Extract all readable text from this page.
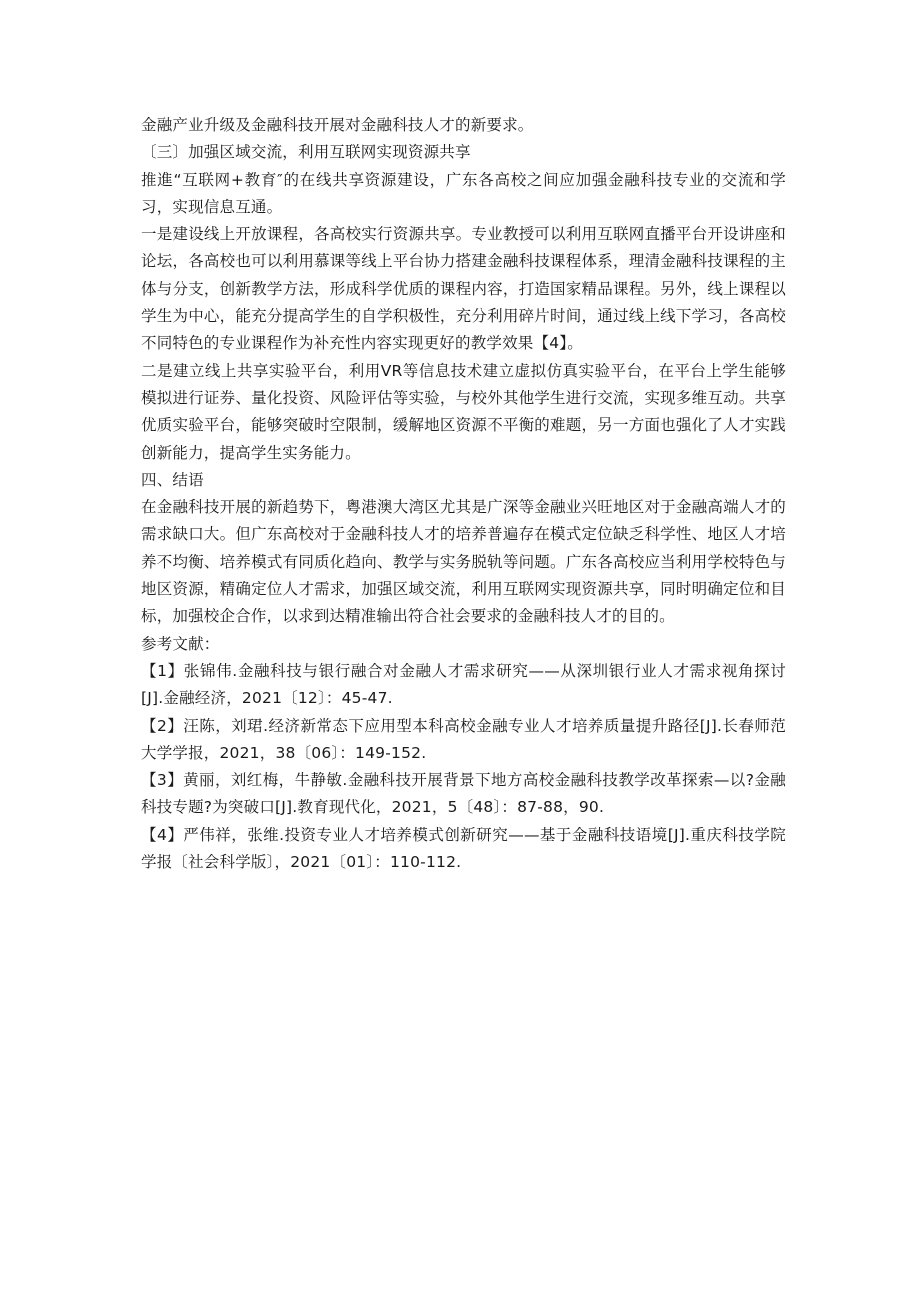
金融产业升级及金融科技开展对金融科技人才的新要求。

〔三〕加强区域交流，利用互联网实现资源共享

推進“互联网+教育″的在线共享资源建设，广东各高校之间应加强金融科技专业的交流和学习，实现信息互通。

一是建设线上开放课程，各高校实行资源共享。专业教授可以利用互联网直播平台开设讲座和论坛，各高校也可以利用慕课等线上平台协力搭建金融科技课程体系，理清金融科技课程的主体与分支，创新教学方法，形成科学优质的课程内容，打造国家精品课程。另外，线上课程以学生为中心，能充分提高学生的自学积极性，充分利用碎片时间，通过线上线下学习，各高校不同特色的专业课程作为补充性内容实现更好的教学效果【4】。

二是建立线上共享实验平台，利用VR等信息技术建立虚拟仿真实验平台，在平台上学生能够模拟进行证券、量化投资、风险评估等实验，与校外其他学生进行交流，实现多维互动。共享优质实验平台，能够突破时空限制，缓解地区资源不平衡的难题，另一方面也强化了人才实践创新能力，提高学生实务能力。

四、结语

在金融科技开展的新趋势下，粤港澳大湾区尤其是广深等金融业兴旺地区对于金融高端人才的需求缺口大。但广东高校对于金融科技人才的培养普遍存在模式定位缺乏科学性、地区人才培养不均衡、培养模式有同质化趋向、教学与实务脱轨等问题。广东各高校应当利用学校特色与地区资源，精确定位人才需求，加强区域交流，利用互联网实现资源共享，同时明确定位和目标，加强校企合作，以求到达精准输出符合社会要求的金融科技人才的目的。

参考文献：

【1】张锦伟.金融科技与银行融合对金融人才需求研究——从深圳银行业人才需求视角探讨[J].金融经济，2021〔12〕：45-47.

【2】汪陈，刘珺.经济新常态下应用型本科高校金融专业人才培养质量提升路径[J].长春师范大学学报，2021，38〔06〕：149-152.

【3】黄丽，刘红梅，牛静敏.金融科技开展背景下地方高校金融科技教学改革探索—以?金融科技专题?为突破口[J].教育现代化，2021，5〔48〕：87-88，90.

【4】严伟祥，张维.投资专业人才培养模式创新研究——基于金融科技语境[J].重庆科技学院学报〔社会科学版〕，2021〔01〕：110-112.
